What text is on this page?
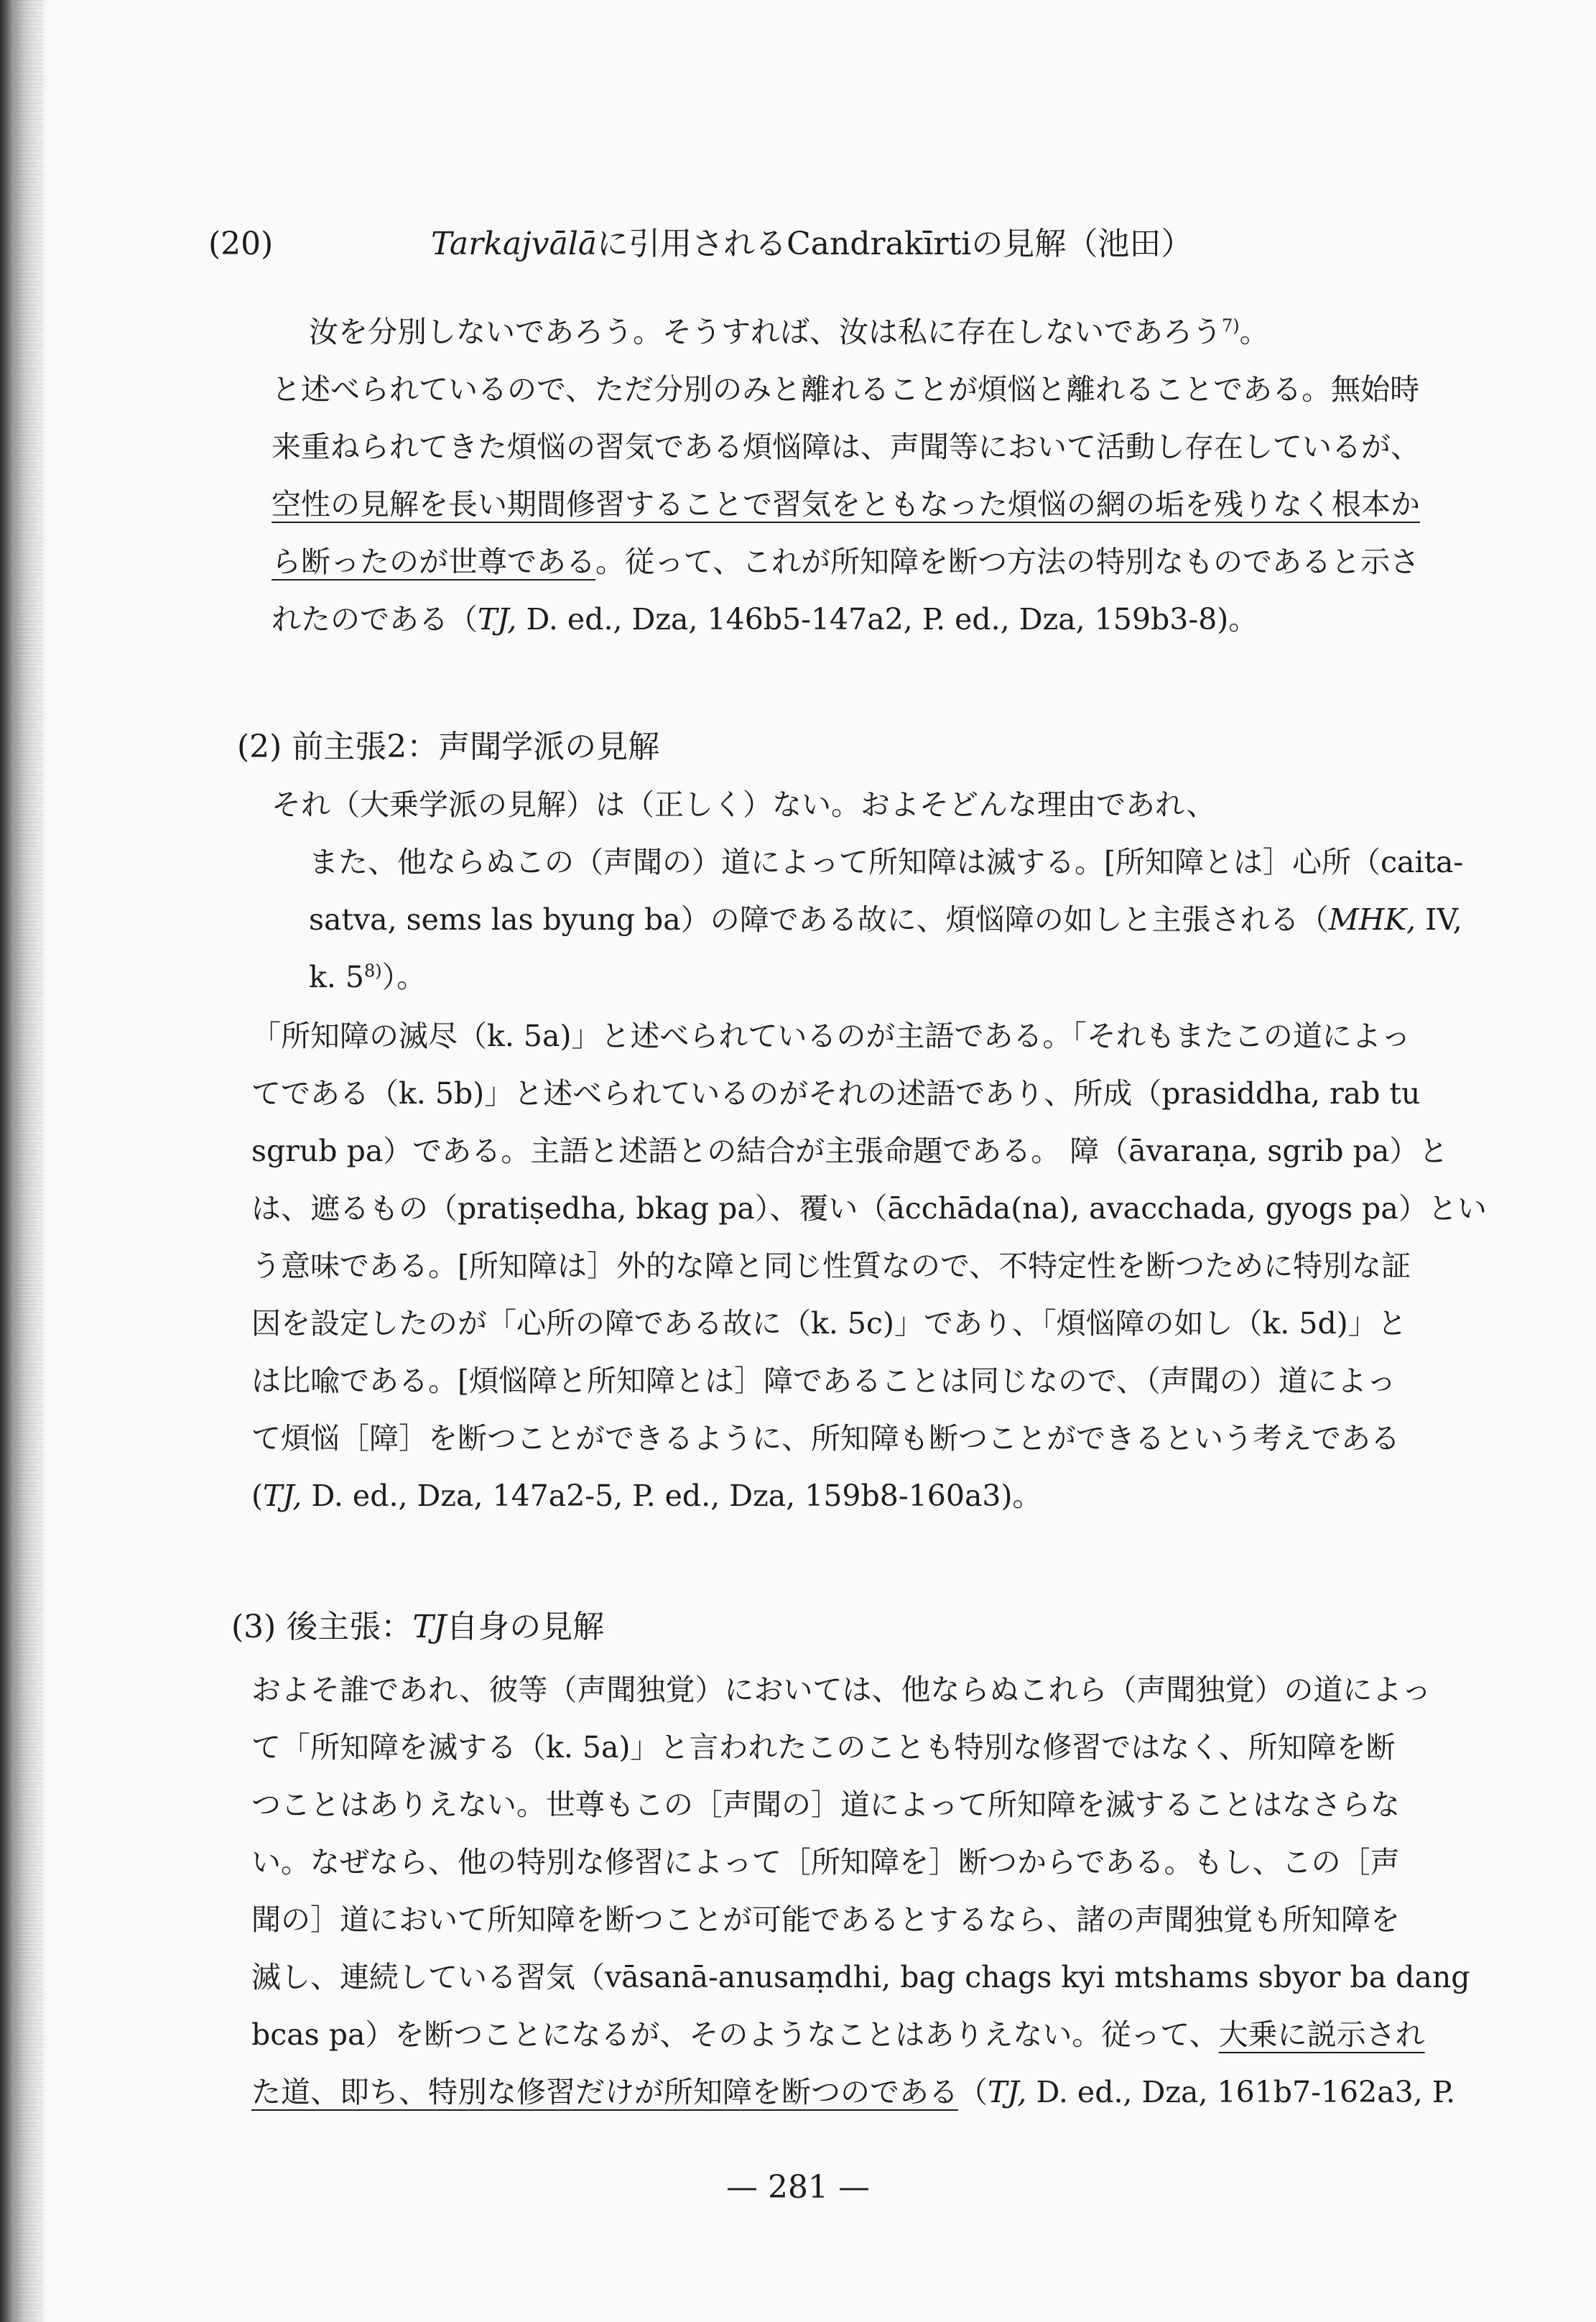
(20)	Tarkajvālāに引用されるCandrakīrtiの見解（池田）
汝を分別しないであろう。そうすれば、汝は私に存在しないであろう$^{7)}$。
と述べられているので、ただ分別のみと離れることが煩悩と離れることである。無始時
来重ねられてきた煩悩の習気である煩悩障は、声聞等において活動し存在しているが、
空性の見解を長い期間修習することで習気をともなった煩悩の網の垢を残りなく根本か
ら断ったのが世尊である。従って、これが所知障を断つ方法の特別なものであると示さ
れたのである（TJ, D. ed., Dza, 146b5-147a2, P. ed., Dza, 159b3-8)。
(2) 前主張2：声聞学派の見解
それ（大乗学派の見解）は（正しく）ない。およそどんな理由であれ、
また、他ならぬこの（声聞の）道によって所知障は滅する。[所知障とは］心所（caita-
satva, sems las byung ba）の障である故に、煩悩障の如しと主張される（MHK, IV,
k. 5$^{8)}$）。
「所知障の滅尽（k. 5a)」と述べられているのが主語である。「それもまたこの道によっ
てである（k. 5b)」と述べられているのがそれの述語であり、所成（prasiddha, rab tu
sgrub pa）である。主語と述語との結合が主張命題である。 障（āvaraṇa, sgrib pa）と
は、遮るもの（pratiṣedha, bkag pa）、覆い（ācchāda(na), avacchada, gyogs pa）とい
う意味である。[所知障は］外的な障と同じ性質なので、不特定性を断つために特別な証
因を設定したのが「心所の障である故に（k. 5c)」であり、「煩悩障の如し（k. 5d)」と
は比喩である。[煩悩障と所知障とは］障であることは同じなので、（声聞の）道によっ
て煩悩［障］を断つことができるように、所知障も断つことができるという考えである
(TJ, D. ed., Dza, 147a2-5, P. ed., Dza, 159b8-160a3)。
(3) 後主張：TJ自身の見解
およそ誰であれ、彼等（声聞独覚）においては、他ならぬこれら（声聞独覚）の道によっ
て「所知障を滅する（k. 5a)」と言われたこのことも特別な修習ではなく、所知障を断
つことはありえない。世尊もこの［声聞の］道によって所知障を滅することはなさらな
い。なぜなら、他の特別な修習によって［所知障を］断つからである。もし、この［声
聞の］道において所知障を断つことが可能であるとするなら、諸の声聞独覚も所知障を
滅し、連続している習気（vāsanā-anusaṃdhi, bag chags kyi mtshams sbyor ba dang
bcas pa）を断つことになるが、そのようなことはありえない。従って、大乗に説示され
た道、即ち、特別な修習だけが所知障を断つのである（TJ, D. ed., Dza, 161b7-162a3, P.
— 281 —
